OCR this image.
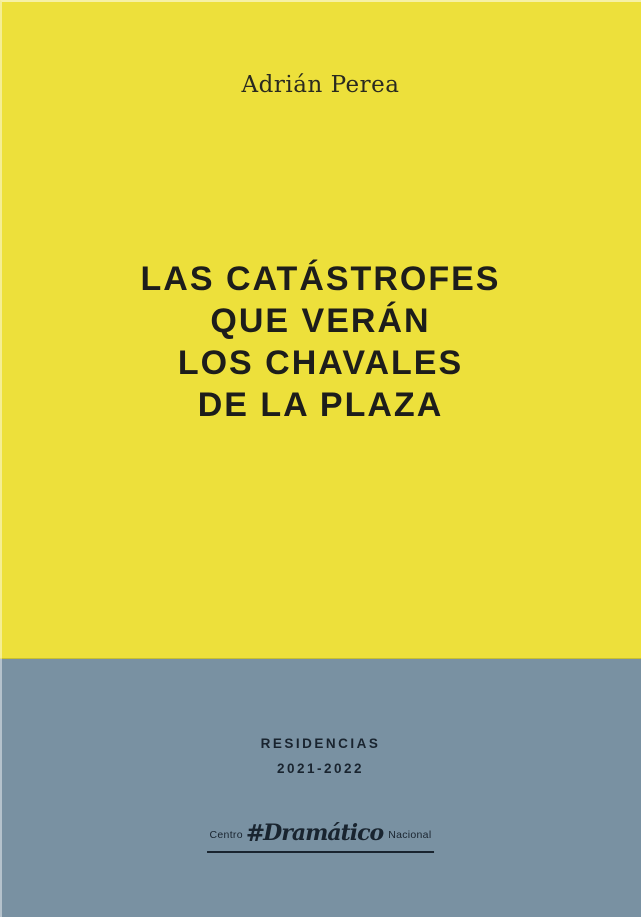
Adrián Perea
LAS CATÁSTROFES
QUE VERÁN
LOS CHAVALES
DE LA PLAZA
RESIDENCIAS
2021-2022
Centro #
Dramático Nacional
